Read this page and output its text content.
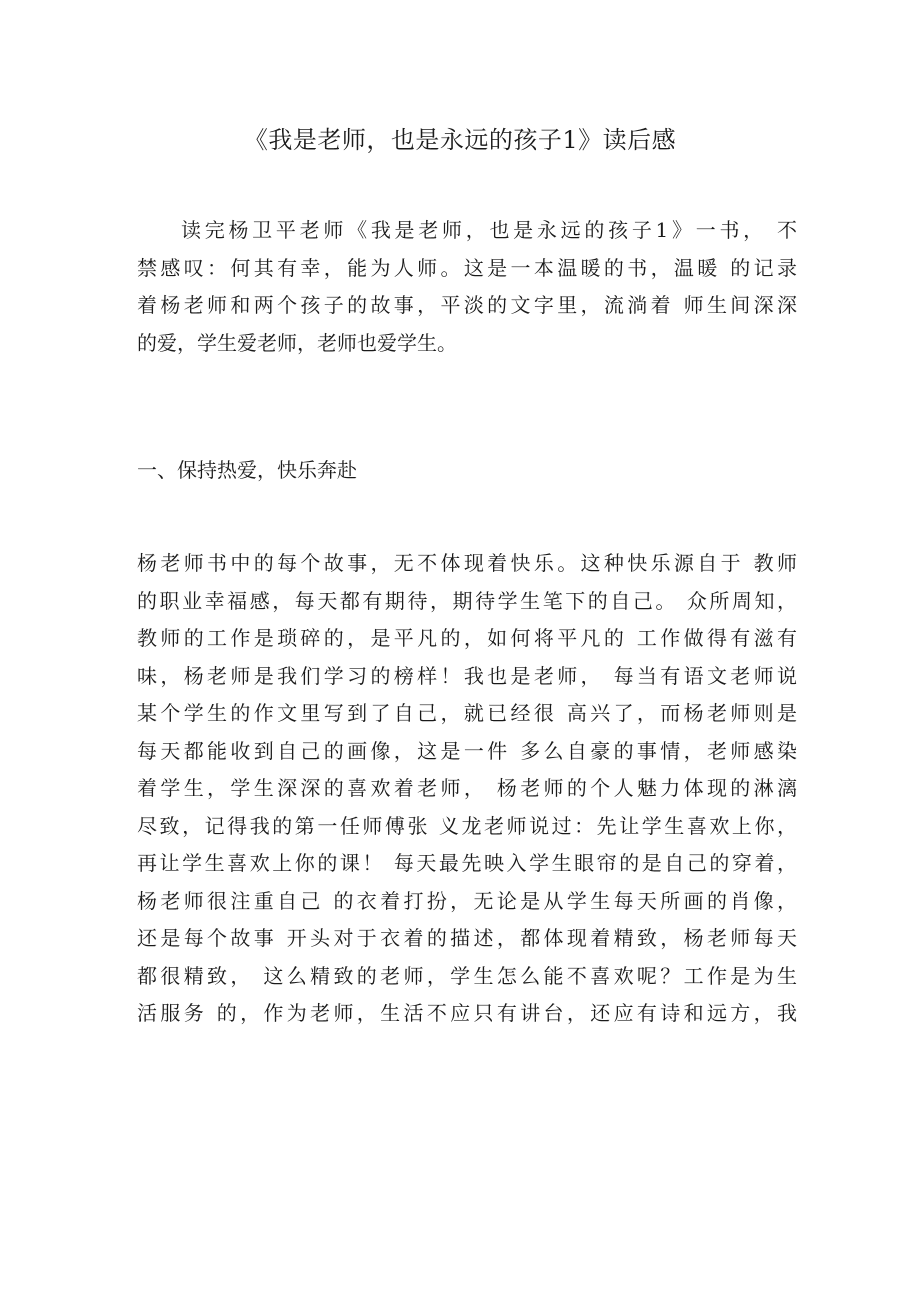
《我是老师，也是永远的孩子1》读后感
读完杨卫平老师《我是老师，也是永远的孩子1》一书， 不
禁感叹：何其有幸，能为人师。这是一本温暖的书，温暖 的记录
着杨老师和两个孩子的故事，平淡的文字里，流淌着 师生间深深
的爱，学生爱老师，老师也爱学生。
一、保持热爱，快乐奔赴
杨老师书中的每个故事，无不体现着快乐。这种快乐源自于 教师
的职业幸福感，每天都有期待，期待学生笔下的自己。 众所周知，
教师的工作是琐碎的，是平凡的，如何将平凡的 工作做得有滋有
味，杨老师是我们学习的榜样！我也是老师， 每当有语文老师说
某个学生的作文里写到了自己，就已经很 高兴了，而杨老师则是
每天都能收到自己的画像，这是一件 多么自豪的事情，老师感染
着学生，学生深深的喜欢着老师， 杨老师的个人魅力体现的淋漓
尽致，记得我的第一任师傅张 义龙老师说过：先让学生喜欢上你，
再让学生喜欢上你的课！ 每天最先映入学生眼帘的是自己的穿着，
杨老师很注重自己 的衣着打扮，无论是从学生每天所画的肖像，
还是每个故事 开头对于衣着的描述，都体现着精致，杨老师每天
都很精致， 这么精致的老师，学生怎么能不喜欢呢？工作是为生
活服务 的，作为老师，生活不应只有讲台，还应有诗和远方，我
